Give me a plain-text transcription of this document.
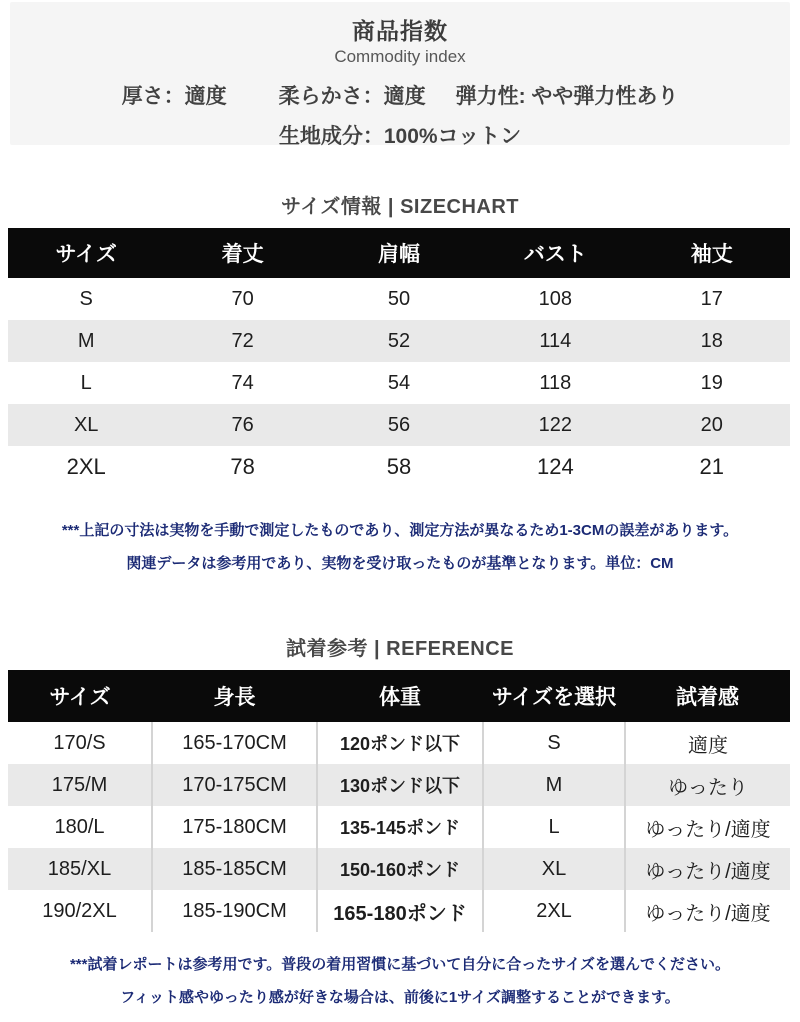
商品指数
Commodity index
厚さ：適度 柔らかさ：適度 弾力性: やや弾力性あり
生地成分：100%コットン
サイズ情報 | SIZECHART
サイズ	着丈	肩幅	バスト	袖丈
S	70	50	108	17
M	72	52	114	18
L	74	54	118	19
XL	76	56	122	20
2XL	78	58	124	21
***上記の寸法は実物を手動で測定したものであり、測定方法が異なるため1-3CMの誤差があります。
関連データは参考用であり、実物を受け取ったものが基準となります。単位：CM
試着参考 | REFERENCE
サイズ	身長	体重	サイズを選択	試着感
170/S	165-170CM	120ポンド以下	S	適度
175/M	170-175CM	130ポンド以下	M	ゆったり
180/L	175-180CM	135-145ポンド	L	ゆったり/適度
185/XL	185-185CM	150-160ポンド	XL	ゆったり/適度
190/2XL	185-190CM	165-180ポンド	2XL	ゆったり/適度
***試着レポートは参考用です。普段の着用習慣に基づいて自分に合ったサイズを選んでください。
フィット感やゆったり感が好きな場合は、前後に1サイズ調整することができます。
